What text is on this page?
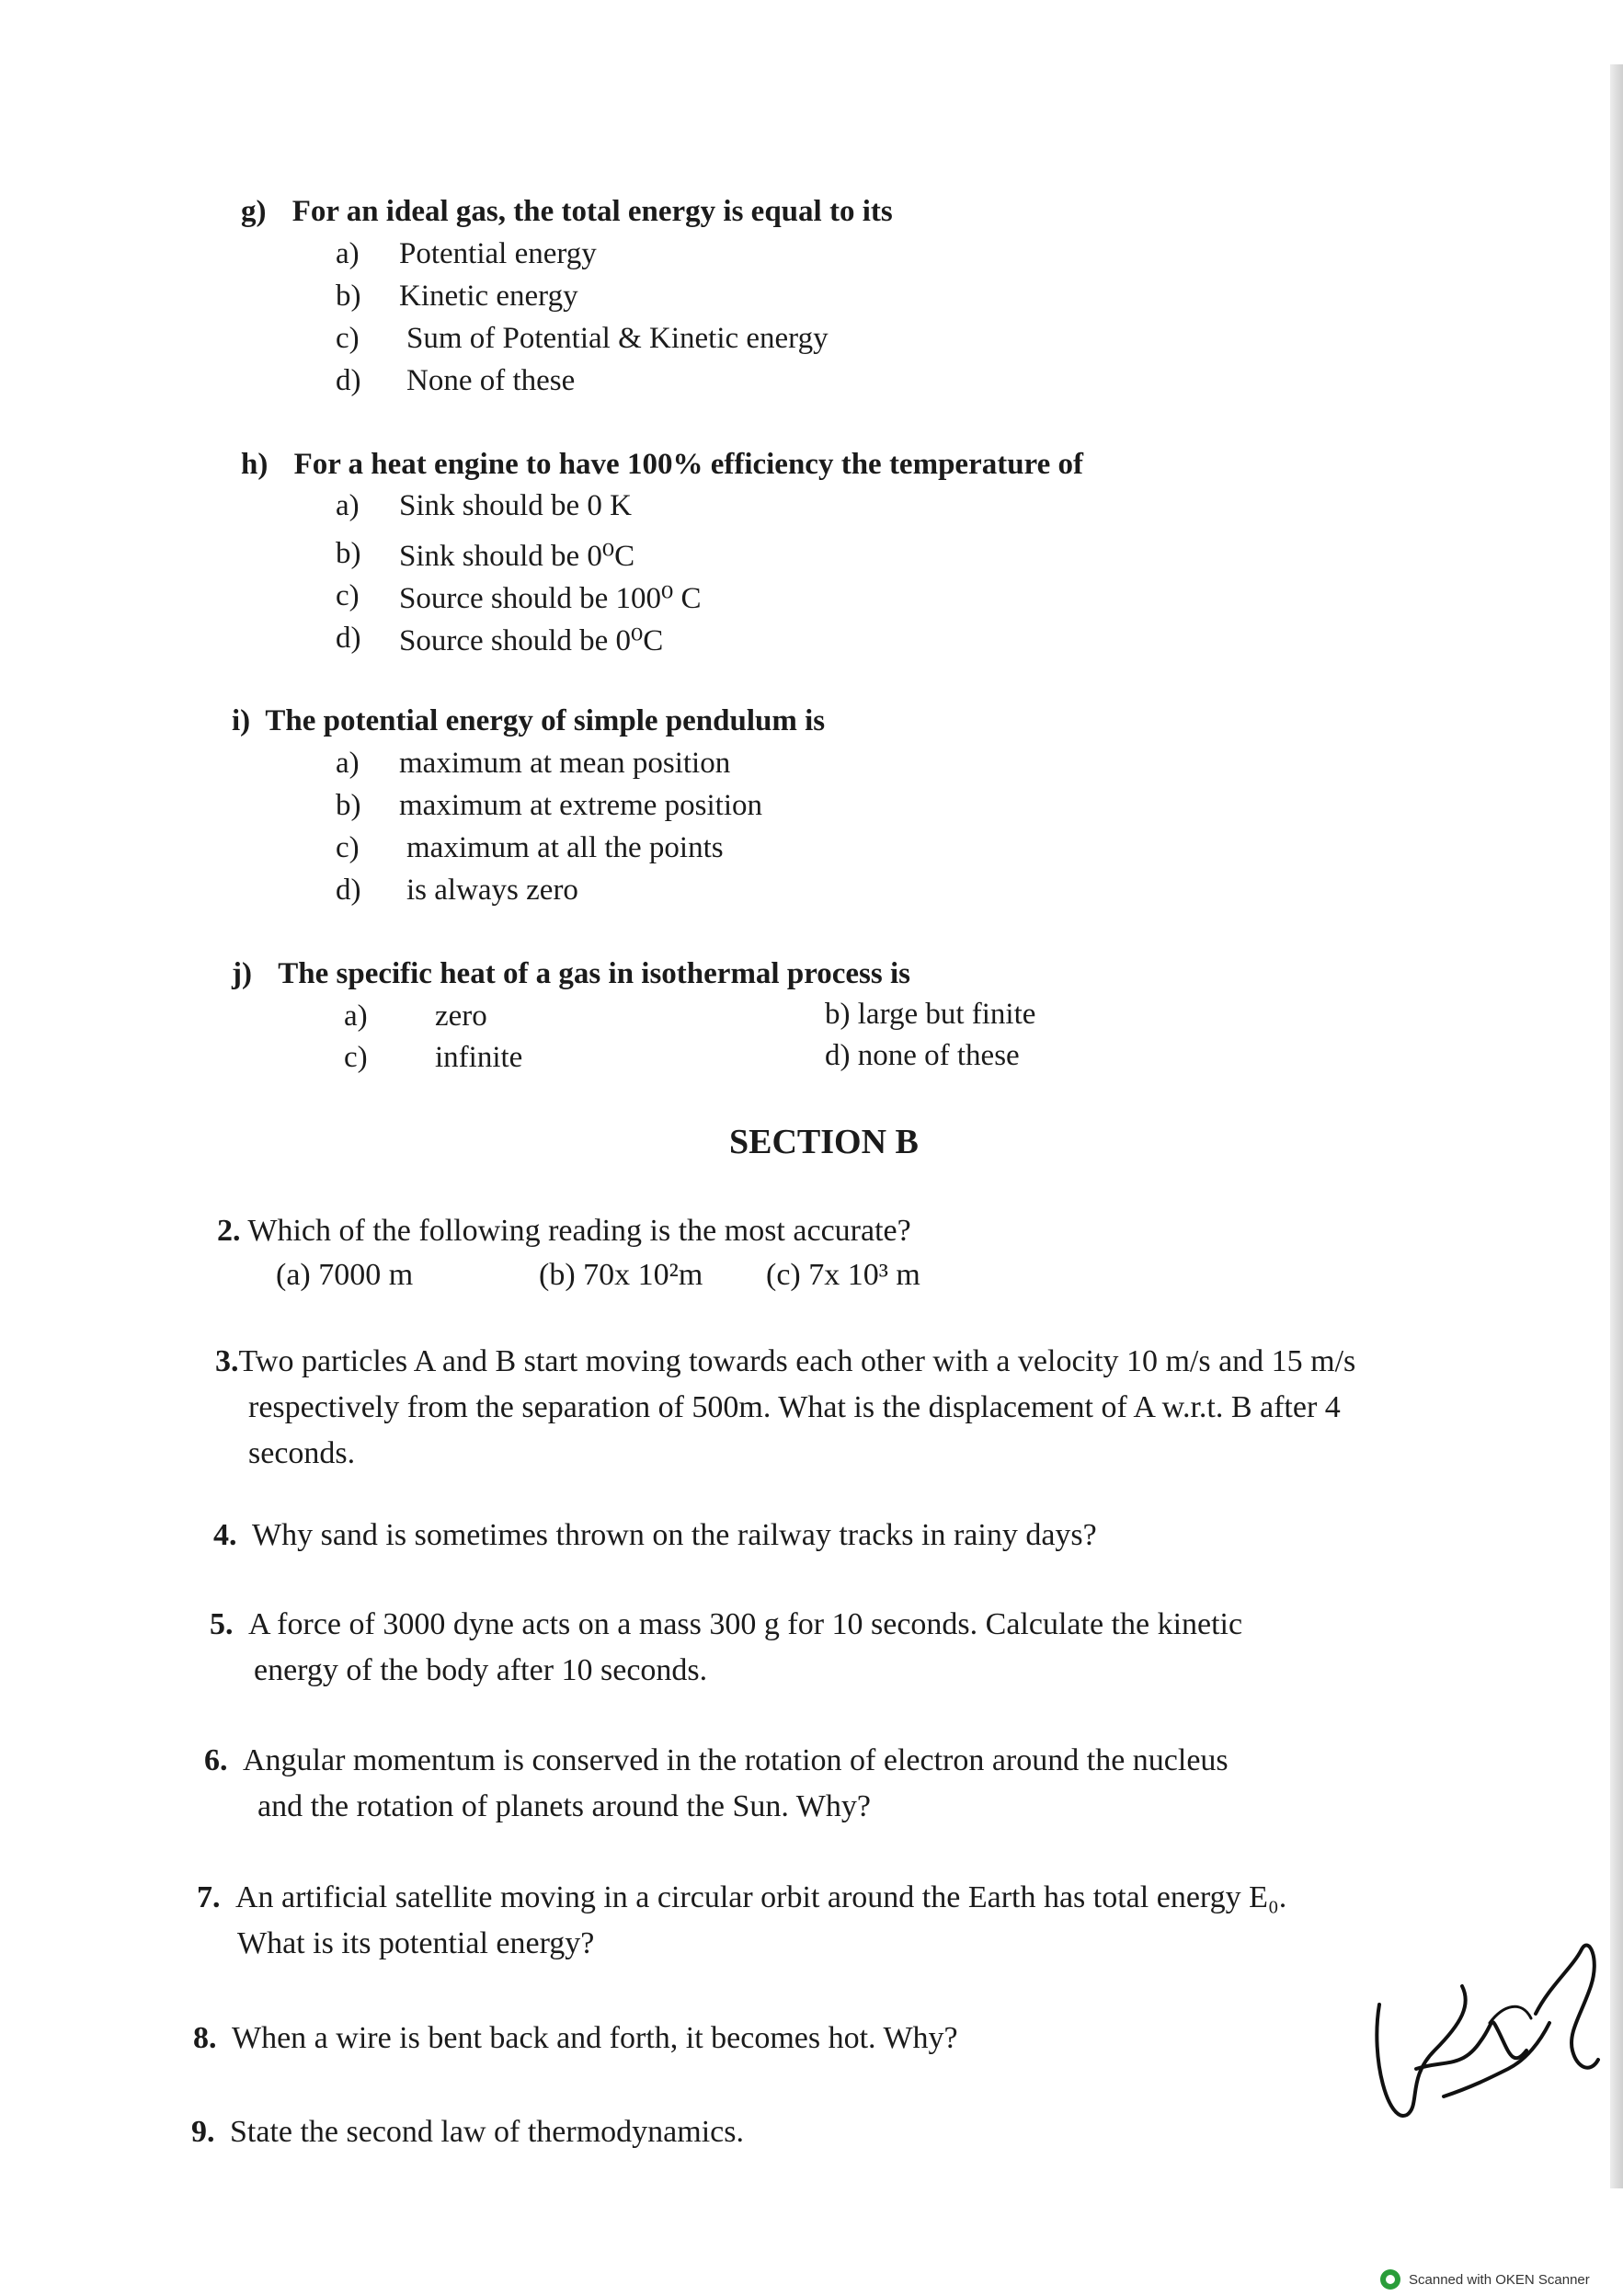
g) For an ideal gas, the total energy is equal to its
a) Potential energy
b) Kinetic energy
c) Sum of Potential & Kinetic energy
d) None of these
h) For a heat engine to have 100% efficiency the temperature of
a) Sink should be 0 K
b) Sink should be 0⁰C
c) Source should be 100⁰ C
d) Source should be 0⁰C
i) The potential energy of simple pendulum is
a) maximum at mean position
b) maximum at extreme position
c) maximum at all the points
d) is always zero
j) The specific heat of a gas in isothermal process is
a) zero	b) large but finite
c) infinite	d) none of these
SECTION B
2. Which of the following reading is the most accurate?
(a) 7000 m	(b) 70x 10²m (c) 7x 10³ m
3.Two particles A and B start moving towards each other with a velocity 10 m/s and 15 m/s
respectively from the separation of 500m. What is the displacement of A w.r.t. B after 4
seconds.
4. Why sand is sometimes thrown on the railway tracks in rainy days?
5. A force of 3000 dyne acts on a mass 300 g for 10 seconds. Calculate the kinetic
energy of the body after 10 seconds.
6. Angular momentum is conserved in the rotation of electron around the nucleus
and the rotation of planets around the Sun. Why?
7. An artificial satellite moving in a circular orbit around the Earth has total energy E₀.
What is its potential energy?
8. When a wire is bent back and forth, it becomes hot. Why?
9. State the second law of thermodynamics.
Scanned with OKEN Scanner
